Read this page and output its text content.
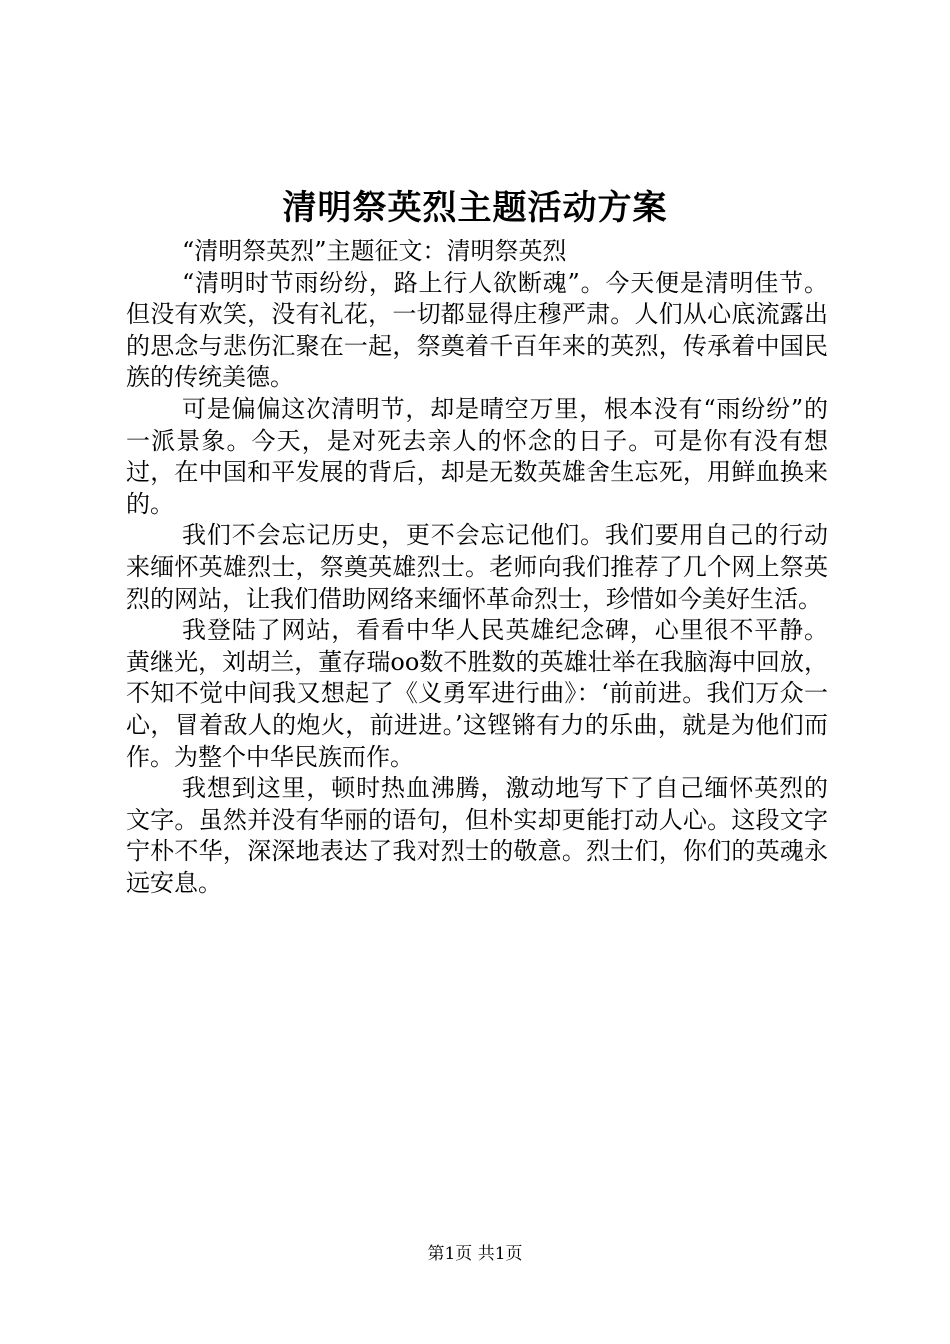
清明祭英烈主题活动方案

“清明祭英烈”主题征文：清明祭英烈

“清明时节雨纷纷，路上行人欲断魂”。今天便是清明佳节。但没有欢笑，没有礼花，一切都显得庄穆严肃。人们从心底流露出的思念与悲伤汇聚在一起，祭奠着千百年来的英烈，传承着中国民族的传统美德。

可是偏偏这次清明节，却是晴空万里，根本没有“雨纷纷”的一派景象。今天，是对死去亲人的怀念的日子。可是你有没有想过，在中国和平发展的背后，却是无数英雄舍生忘死，用鲜血换来的。

我们不会忘记历史，更不会忘记他们。我们要用自己的行动来缅怀英雄烈士，祭奠英雄烈士。老师向我们推荐了几个网上祭英烈的网站，让我们借助网络来缅怀革命烈士，珍惜如今美好生活。

我登陆了网站，看看中华人民英雄纪念碑，心里很不平静。黄继光，刘胡兰，董存瑞oo数不胜数的英雄壮举在我脑海中回放，不知不觉中间我又想起了《义勇军进行曲》：‘前前进。我们万众一心，冒着敌人的炮火，前进进。’这铿锵有力的乐曲，就是为他们而作。为整个中华民族而作。

我想到这里，顿时热血沸腾，激动地写下了自己缅怀英烈的文字。虽然并没有华丽的语句，但朴实却更能打动人心。这段文字宁朴不华，深深地表达了我对烈士的敬意。烈士们，你们的英魂永远安息。

第1页 共1页
